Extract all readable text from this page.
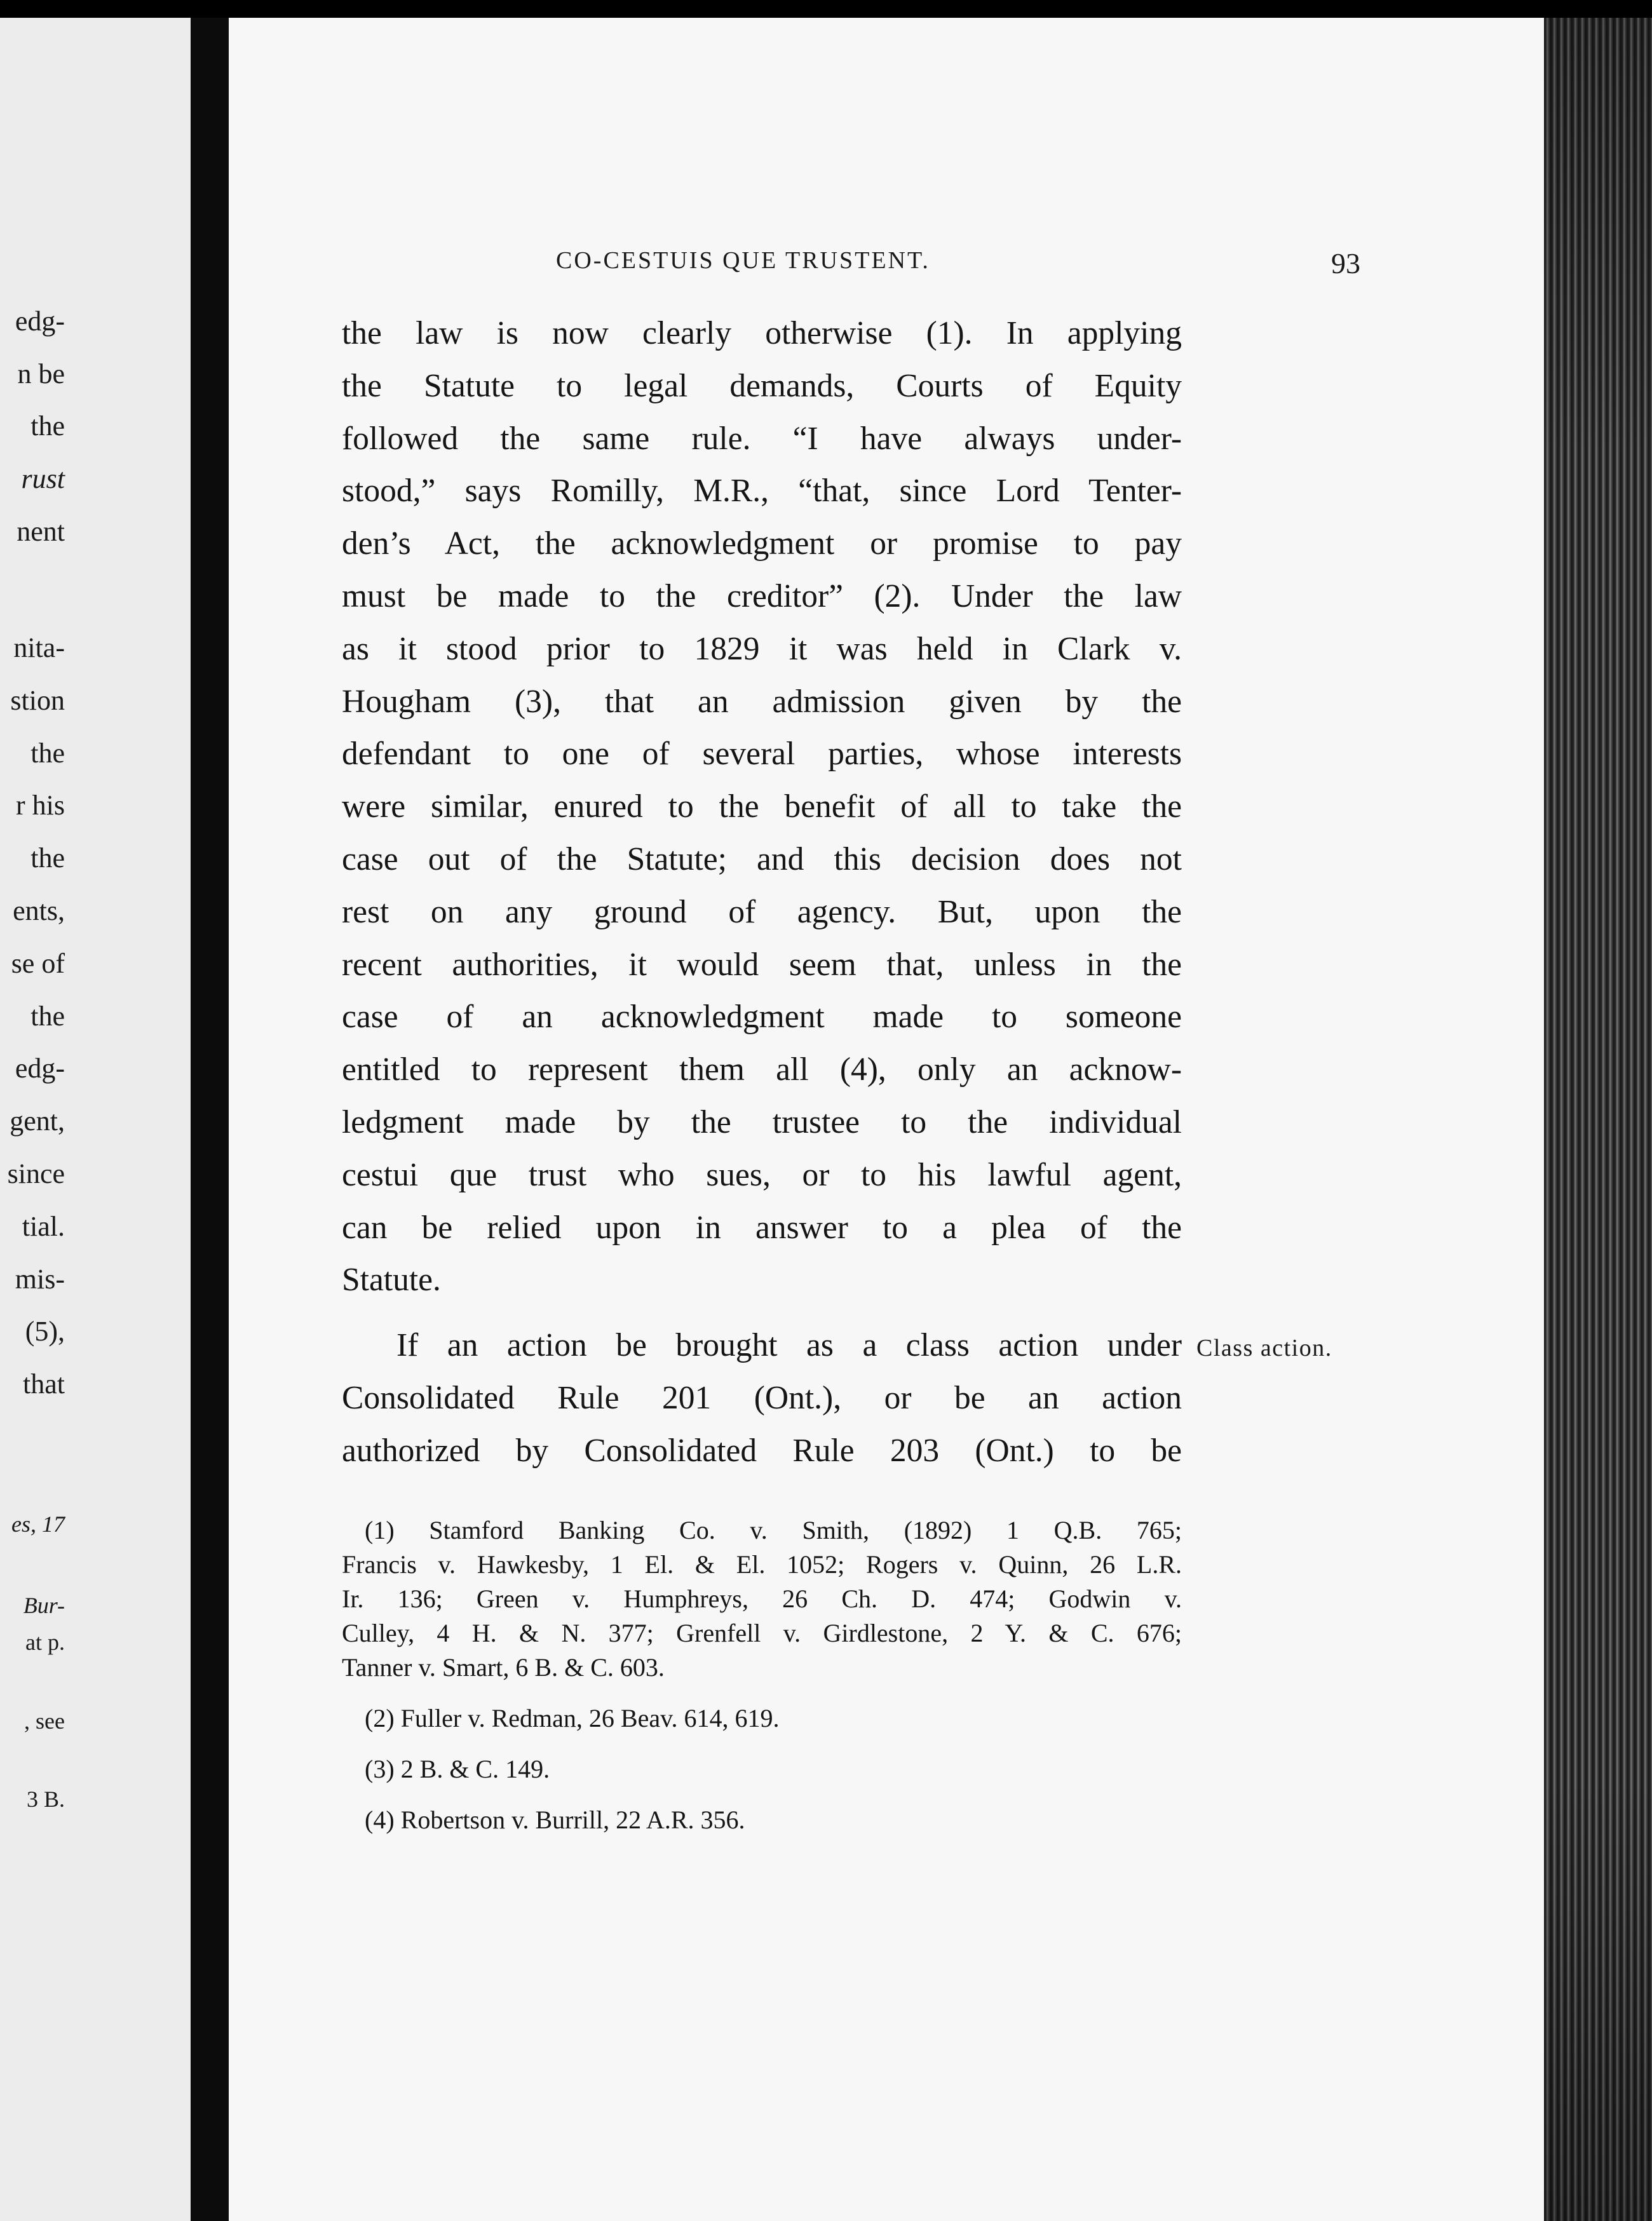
edg-
n be
the
rust
nent
nita-
stion
the
r his
the
ents,
se of
the
edg-
gent,
since
tial.
mis-
(5),
that
es, 17
Bur-
at p.
, see
3 B.
CO-CESTUIS QUE TRUSTENT.	93
the law is now clearly otherwise (1). In applying
the Statute to legal demands, Courts of Equity
followed the same rule. “I have always under-
stood,” says Romilly, M.R., “that, since Lord Tenter-
den’s Act, the acknowledgment or promise to pay
must be made to the creditor” (2). Under the law
as it stood prior to 1829 it was held in Clark v.
Hougham (3), that an admission given by the
defendant to one of several parties, whose interests
were similar, enured to the benefit of all to take the
case out of the Statute; and this decision does not
rest on any ground of agency. But, upon the
recent authorities, it would seem that, unless in the
case of an acknowledgment made to someone
entitled to represent them all (4), only an acknow-
ledgment made by the trustee to the individual
cestui que trust who sues, or to his lawful agent,
can be relied upon in answer to a plea of the
Statute.
If an action be brought as a class action under
Consolidated Rule 201 (Ont.), or be an action
authorized by Consolidated Rule 203 (Ont.) to be
Class action.
(1) Stamford Banking Co. v. Smith, (1892) 1 Q.B. 765;
Francis v. Hawkesby, 1 El. & El. 1052; Rogers v. Quinn, 26 L.R.
Ir. 136; Green v. Humphreys, 26 Ch. D. 474; Godwin v.
Culley, 4 H. & N. 377; Grenfell v. Girdlestone, 2 Y. & C. 676;
Tanner v. Smart, 6 B. & C. 603.
(2) Fuller v. Redman, 26 Beav. 614, 619.
(3) 2 B. & C. 149.
(4) Robertson v. Burrill, 22 A.R. 356.
